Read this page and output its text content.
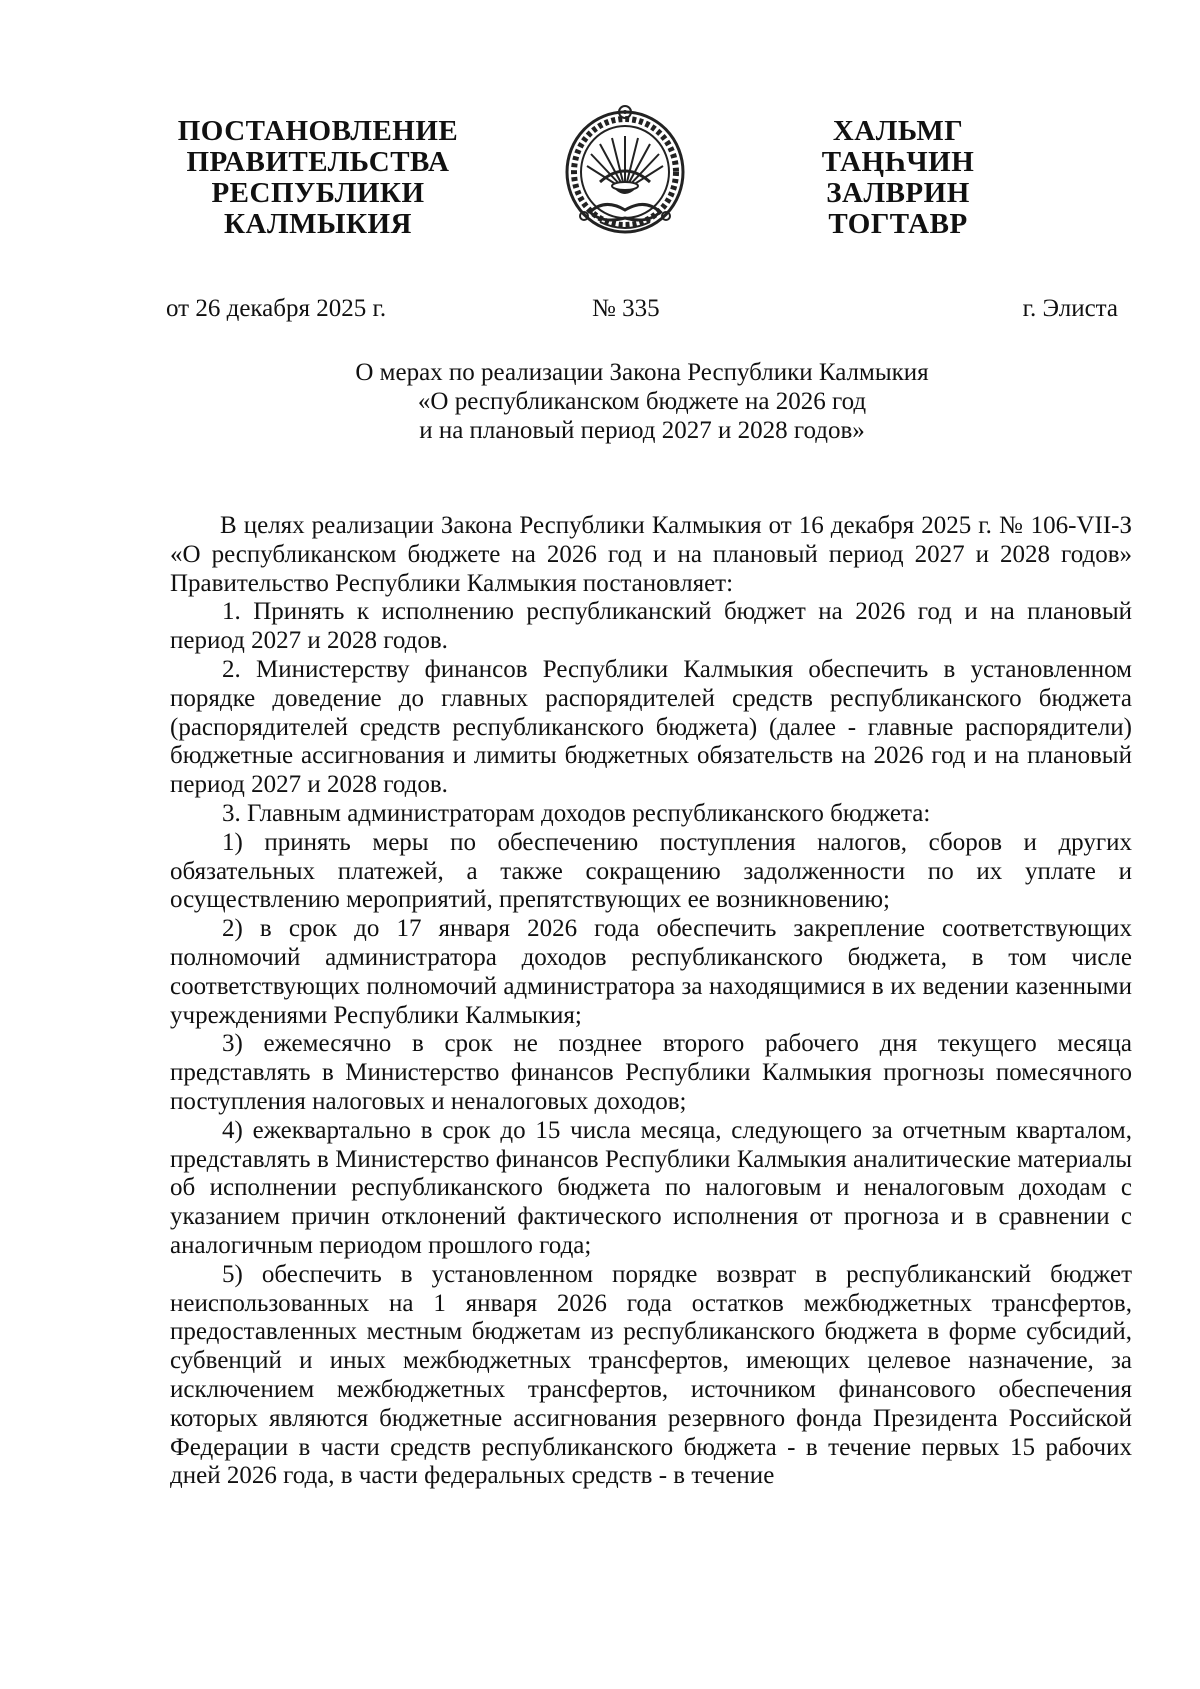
ПОСТАНОВЛЕНИЕ
ПРАВИТЕЛЬСТВА
РЕСПУБЛИКИ
КАЛМЫКИЯ
ХАЛЬМГ
ТАҢҺЧИН
ЗАЛВРИН
ТОГТАВР
от 26 декабря 2025 г.	№ 335	г. Элиста
О мерах по реализации Закона Республики Калмыкия
«О республиканском бюджете на 2026 год
и на плановый период 2027 и 2028 годов»

В целях реализации Закона Республики Калмыкия от 16 декабря 2025 г. № 106-VII-З «О республиканском бюджете на 2026 год и на плановый период 2027 и 2028 годов» Правительство Республики Калмыкия постановляет:

1. Принять к исполнению республиканский бюджет на 2026 год и на плановый период 2027 и 2028 годов.

2. Министерству финансов Республики Калмыкия обеспечить в установленном порядке доведение до главных распорядителей средств республиканского бюджета (распорядителей средств республиканского бюджета) (далее - главные распорядители) бюджетные ассигнования и лимиты бюджетных обязательств на 2026 год и на плановый период 2027 и 2028 годов.

3. Главным администраторам доходов республиканского бюджета:

1) принять меры по обеспечению поступления налогов, сборов и других обязательных платежей, а также сокращению задолженности по их уплате и осуществлению мероприятий, препятствующих ее возникновению;

2) в срок до 17 января 2026 года обеспечить закрепление соответствующих полномочий администратора доходов республиканского бюджета, в том числе соответствующих полномочий администратора за находящимися в их ведении казенными учреждениями Республики Калмыкия;

3) ежемесячно в срок не позднее второго рабочего дня текущего месяца представлять в Министерство финансов Республики Калмыкия прогнозы помесячного поступления налоговых и неналоговых доходов;

4) ежеквартально в срок до 15 числа месяца, следующего за отчетным кварталом, представлять в Министерство финансов Республики Калмыкия аналитические материалы об исполнении республиканского бюджета по налоговым и неналоговым доходам с указанием причин отклонений фактического исполнения от прогноза и в сравнении с аналогичным периодом прошлого года;

5) обеспечить в установленном порядке возврат в республиканский бюджет неиспользованных на 1 января 2026 года остатков межбюджетных трансфертов, предоставленных местным бюджетам из республиканского бюджета в форме субсидий, субвенций и иных межбюджетных трансфертов, имеющих целевое назначение, за исключением межбюджетных трансфертов, источником финансового обеспечения которых являются бюджетные ассигнования резервного фонда Президента Российской Федерации в части средств республиканского бюджета - в течение первых 15 рабочих дней 2026 года, в части федеральных средств - в течение
